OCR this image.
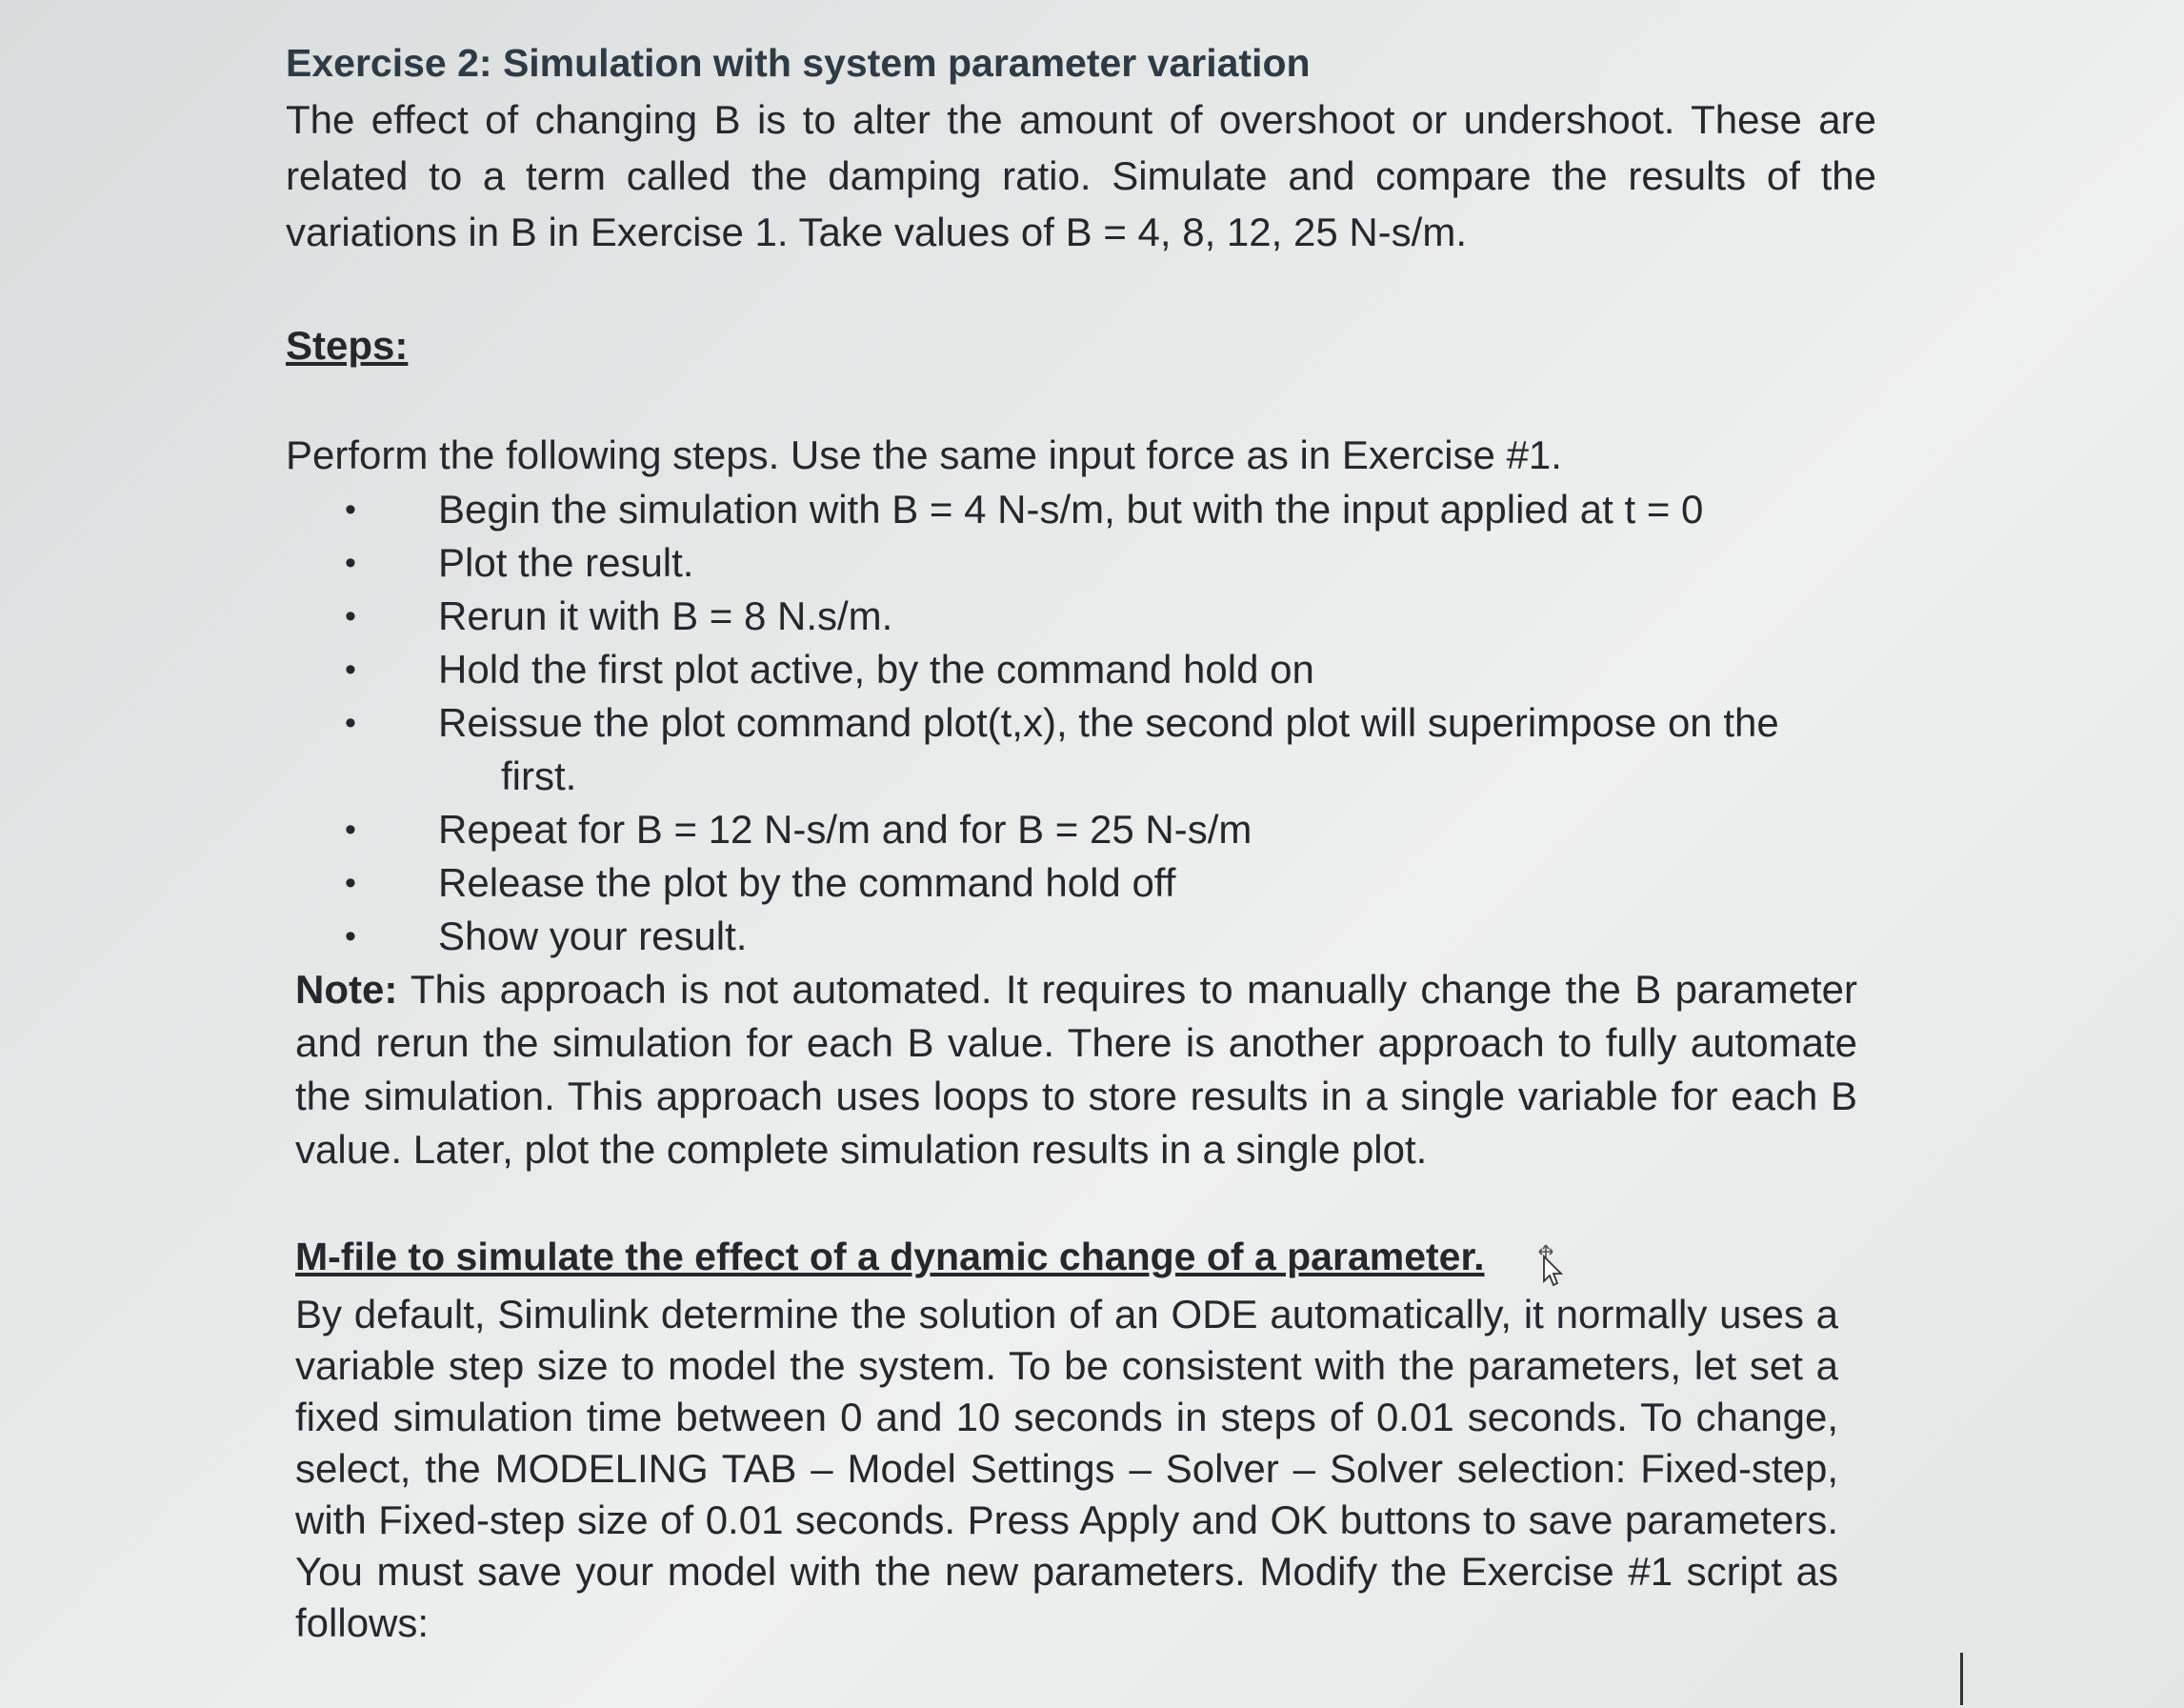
Exercise 2: Simulation with system parameter variation

The effect of changing B is to alter the amount of overshoot or undershoot. These are related to a term called the damping ratio. Simulate and compare the results of the variations in B in Exercise 1. Take values of B = 4, 8, 12, 25 N-s/m.

Steps:

Perform the following steps. Use the same input force as in Exercise #1.

• Begin the simulation with B = 4 N-s/m, but with the input applied at t = 0
• Plot the result.
• Rerun it with B = 8 N.s/m.
• Hold the first plot active, by the command hold on
• Reissue the plot command plot(t,x), the second plot will superimpose on the
first.
• Repeat for B = 12 N-s/m and for B = 25 N-s/m
• Release the plot by the command hold off
• Show your result.

Note: This approach is not automated. It requires to manually change the B parameter and rerun the simulation for each B value. There is another approach to fully automate the simulation. This approach uses loops to store results in a single variable for each B value. Later, plot the complete simulation results in a single plot.

M-file to simulate the effect of a dynamic change of a parameter.

By default, Simulink determine the solution of an ODE automatically, it normally uses a variable step size to model the system. To be consistent with the parameters, let set a fixed simulation time between 0 and 10 seconds in steps of 0.01 seconds. To change, select, the MODELING TAB – Model Settings – Solver – Solver selection: Fixed-step, with Fixed-step size of 0.01 seconds. Press Apply and OK buttons to save parameters. You must save your model with the new parameters. Modify the Exercise #1 script as follows:
